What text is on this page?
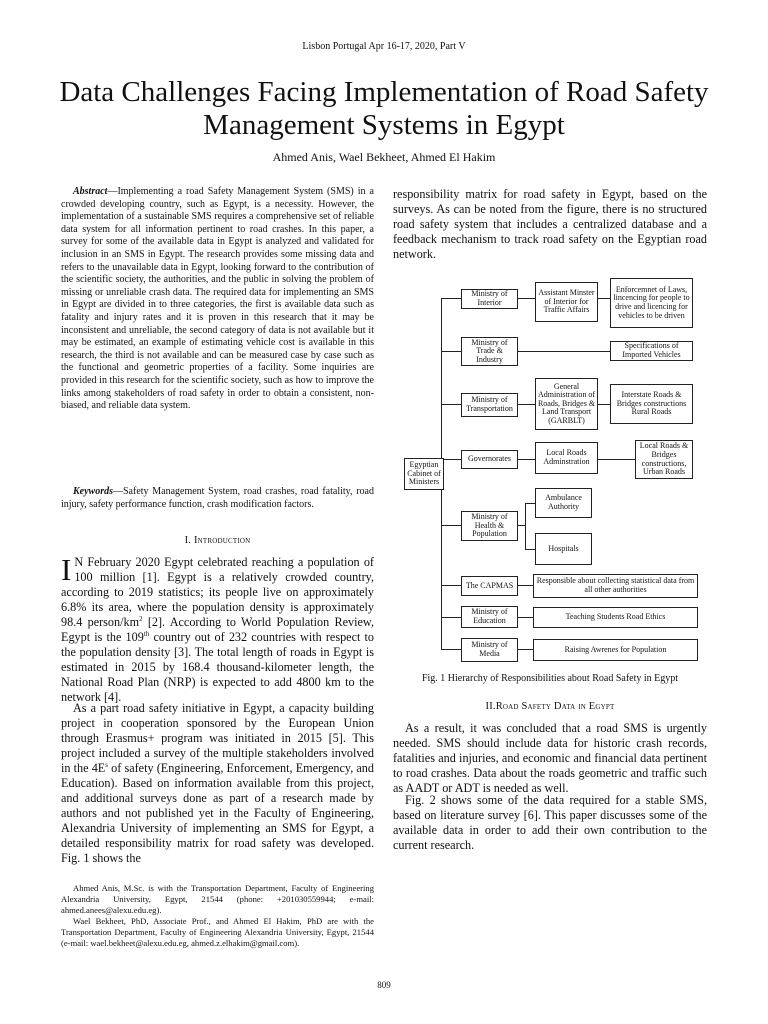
Lisbon Portugal Apr 16-17, 2020, Part V
Data Challenges Facing Implementation of Road Safety Management Systems in Egypt
Ahmed Anis, Wael Bekheet, Ahmed El Hakim
Abstract—Implementing a road Safety Management System (SMS) in a crowded developing country, such as Egypt, is a necessity. However, the implementation of a sustainable SMS requires a comprehensive set of reliable data system for all information pertinent to road crashes. In this paper, a survey for some of the available data in Egypt is analyzed and validated for inclusion in an SMS in Egypt. The research provides some missing data and refers to the unavailable data in Egypt, looking forward to the contribution of the scientific society, the authorities, and the public in solving the problem of missing or unreliable crash data. The required data for implementing an SMS in Egypt are divided in to three categories, the first is available data such as fatality and injury rates and it is proven in this research that it may be inconsistent and unreliable, the second category of data is not available but it may be estimated, an example of estimating vehicle cost is available in this research, the third is not available and can be measured case by case such as the functional and geometric properties of a facility. Some inquiries are provided in this research for the scientific society, such as how to improve the links among stakeholders of road safety in order to obtain a consistent, non-biased, and reliable data system.
Keywords—Safety Management System, road crashes, road fatality, road injury, safety performance function, crash modification factors.
I. Introduction
I N February 2020 Egypt celebrated reaching a population of 100 million [1]. Egypt is a relatively crowded country, according to 2019 statistics; its people live on approximately 6.8% its area, where the population density is approximately 98.4 person/$km^2$ [2]. According to World Population Review, Egypt is the 109th country out of 232 countries with respect to the population density [3]. The total length of roads in Egypt is estimated in 2015 by 168.4 thousand-kilometer length, the National Road Plan (NRP) is expected to add 4800 km to the network [4].
As a part road safety initiative in Egypt, a capacity building project in cooperation sponsored by the European Union through Erasmus+ program was initiated in 2015 [5]. This project included a survey of the multiple stakeholders involved in the $4E^s$ of safety (Engineering, Enforcement, Emergency, and Education). Based on information available from this project, and additional surveys done as part of a research made by authors and not published yet in the Faculty of Engineering, Alexandria University of implementing an SMS for Egypt, a detailed responsibility matrix for road safety was developed. Fig. 1 shows the

Ahmed Anis, M.Sc. is with the Transportation Department, Faculty of Engineering Alexandria University, Egypt, 21544 (phone: +201030559944; e-mail: ahmed.anees@alexu.edu.eg).

Wael Bekheet, PhD, Associate Prof., and Ahmed El Hakim, PhD are with the Transportation Department, Faculty of Engineering Alexandria University, Egypt, 21544 (e-mail: wael.bekheet@alexu.edu.eg, ahmed.z.elhakim@gmail.com).

809
responsibility matrix for road safety in Egypt, based on the surveys. As can be noted from the figure, there is no structured road safety system that includes a centralized database and a feedback mechanism to track road safety on the Egyptian road network.
Egyptian Cabinet of Ministers
Ministry of Interior
Assistant Minster of Interior for Traffic Affairs
Enforcemnet of Laws, lincencing for people to drive and licencing for vehicles to be driven
Ministry of Trade & Industry
Specifications of Imported Vehicles
Ministry of Transportation
General Administration of Roads, Bridges & Land Transport (GARBLT)
Interstate Roads & Bridges constructions Rural Roads
Governorates
Local Roads Adminstration
Local Roads & Bridges constructions, Urban Roads
Ministry of Health & Population
Ambulance Authority
Hospitals
The CAPMAS	Responsible about collecting statistical data from all other authorities
Ministry of Education	Teaching Students Road Ethics
Ministry of Media	Raising Awrenes for Population
Fig. 1 Hierarchy of Responsibilities about Road Safety in Egypt
II.Road Safety Data in Egypt
As a result, it was concluded that a road SMS is urgently needed. SMS should include data for historic crash records, fatalities and injuries, and economic and financial data pertinent to road crashes. Data about the roads geometric and traffic such as AADT or ADT is needed as well.
Fig. 2 shows some of the data required for a stable SMS, based on literature survey [6]. This paper discusses some of the available data in order to add their own contribution to the current research.
